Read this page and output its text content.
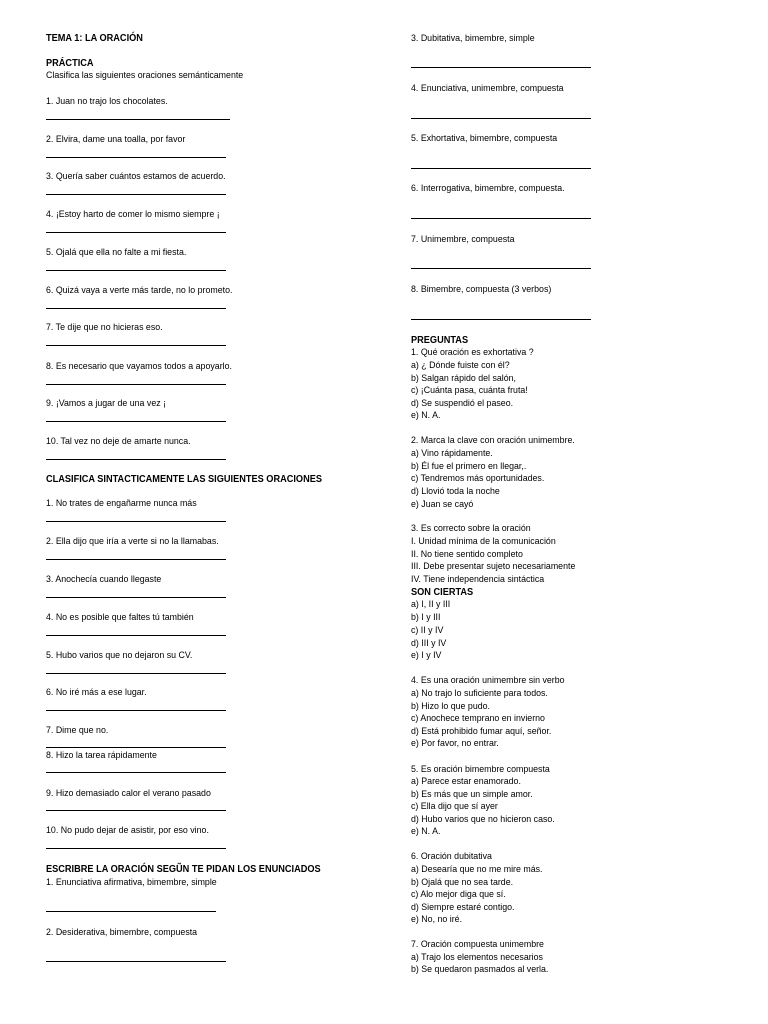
TEMA 1: LA ORACIÓN
PRÁCTICA
Clasifica las siguientes oraciones semánticamente
1. Juan no trajo los chocolates.
2. Elvira, dame una toalla, por favor
3. Quería saber cuántos estamos de acuerdo.
4. ¡Estoy harto de comer lo mismo siempre ¡
5. Ojalá que ella no falte a mi fiesta.
6. Quizá vaya a verte más tarde, no lo prometo.
7. Te dije que no hicieras eso.
8. Es necesario que vayamos todos a apoyarlo.
9. ¡Vamos a jugar de una vez ¡
10. Tal vez no deje de amarte nunca.
CLASIFICA SINTACTICAMENTE LAS SIGUIENTES ORACIONES
1. No trates de engañarme nunca más
2. Ella dijo que iría a verte si no la llamabas.
3. Anochecía cuando llegaste
4. No es posible que faltes tú también
5. Hubo varios que no dejaron su CV.
6. No iré más a ese lugar.
7. Dime que no.
8. Hizo la tarea rápidamente
9. Hizo demasiado calor el verano pasado
10. No pudo dejar de asistir, por eso vino.
ESCRIBRE LA ORACIÓN SEGŨN TE PIDAN LOS ENUNCIADOS
1. Enunciativa afirmativa, bimembre, simple
2. Desiderativa, bimembre, compuesta
3. Dubitativa, bimembre, simple
4. Enunciativa, unimembre, compuesta
5. Exhortativa, bimembre, compuesta
6. Interrogativa, bimembre, compuesta.
7. Unimembre, compuesta
8. Bimembre, compuesta (3 verbos)
PREGUNTAS
1. Qué oración es exhortativa ?
a) ¿ Dónde fuiste con él?
b) Salgan rápido del salón,
c) ¡Cuánta pasa, cuánta fruta!
d) Se suspendió el paseo.
e) N. A.
2. Marca la clave con oración unimembre.
a) Vino rápidamente.
b) Él fue el primero en llegar,.
c) Tendremos más oportunidades.
d) Llovió toda la noche
e) Juan se cayó
3. Es correcto sobre la oración
I. Unidad mínima de la comunicación
II. No tiene sentido completo
III. Debe presentar sujeto necesariamente
IV. Tiene independencia sintáctica
SON CIERTAS
a) I, II y III
b) I y III
c) II y IV
d) III y IV
e) I y IV
4. Es una oración unimembre sin verbo
a) No trajo lo suficiente para todos.
b) Hizo lo que pudo.
c) Anochece temprano en invierno
d) Está prohibido fumar aquí, señor.
e) Por favor, no entrar.
5. Es oración bimembre compuesta
a) Parece estar enamorado.
b) Es más que un simple amor.
c) Ella dijo que sí ayer
d) Hubo varios que no hicieron caso.
e) N. A.
6. Oración dubitativa
a) Desearía que no me mire más.
b) Ojalá que no sea tarde.
c) Alo mejor diga que sí.
d) Siempre estaré contigo.
e) No, no iré.
7. Oración compuesta unimembre
a) Trajo los elementos necesarios
b) Se quedaron pasmados al verla.
